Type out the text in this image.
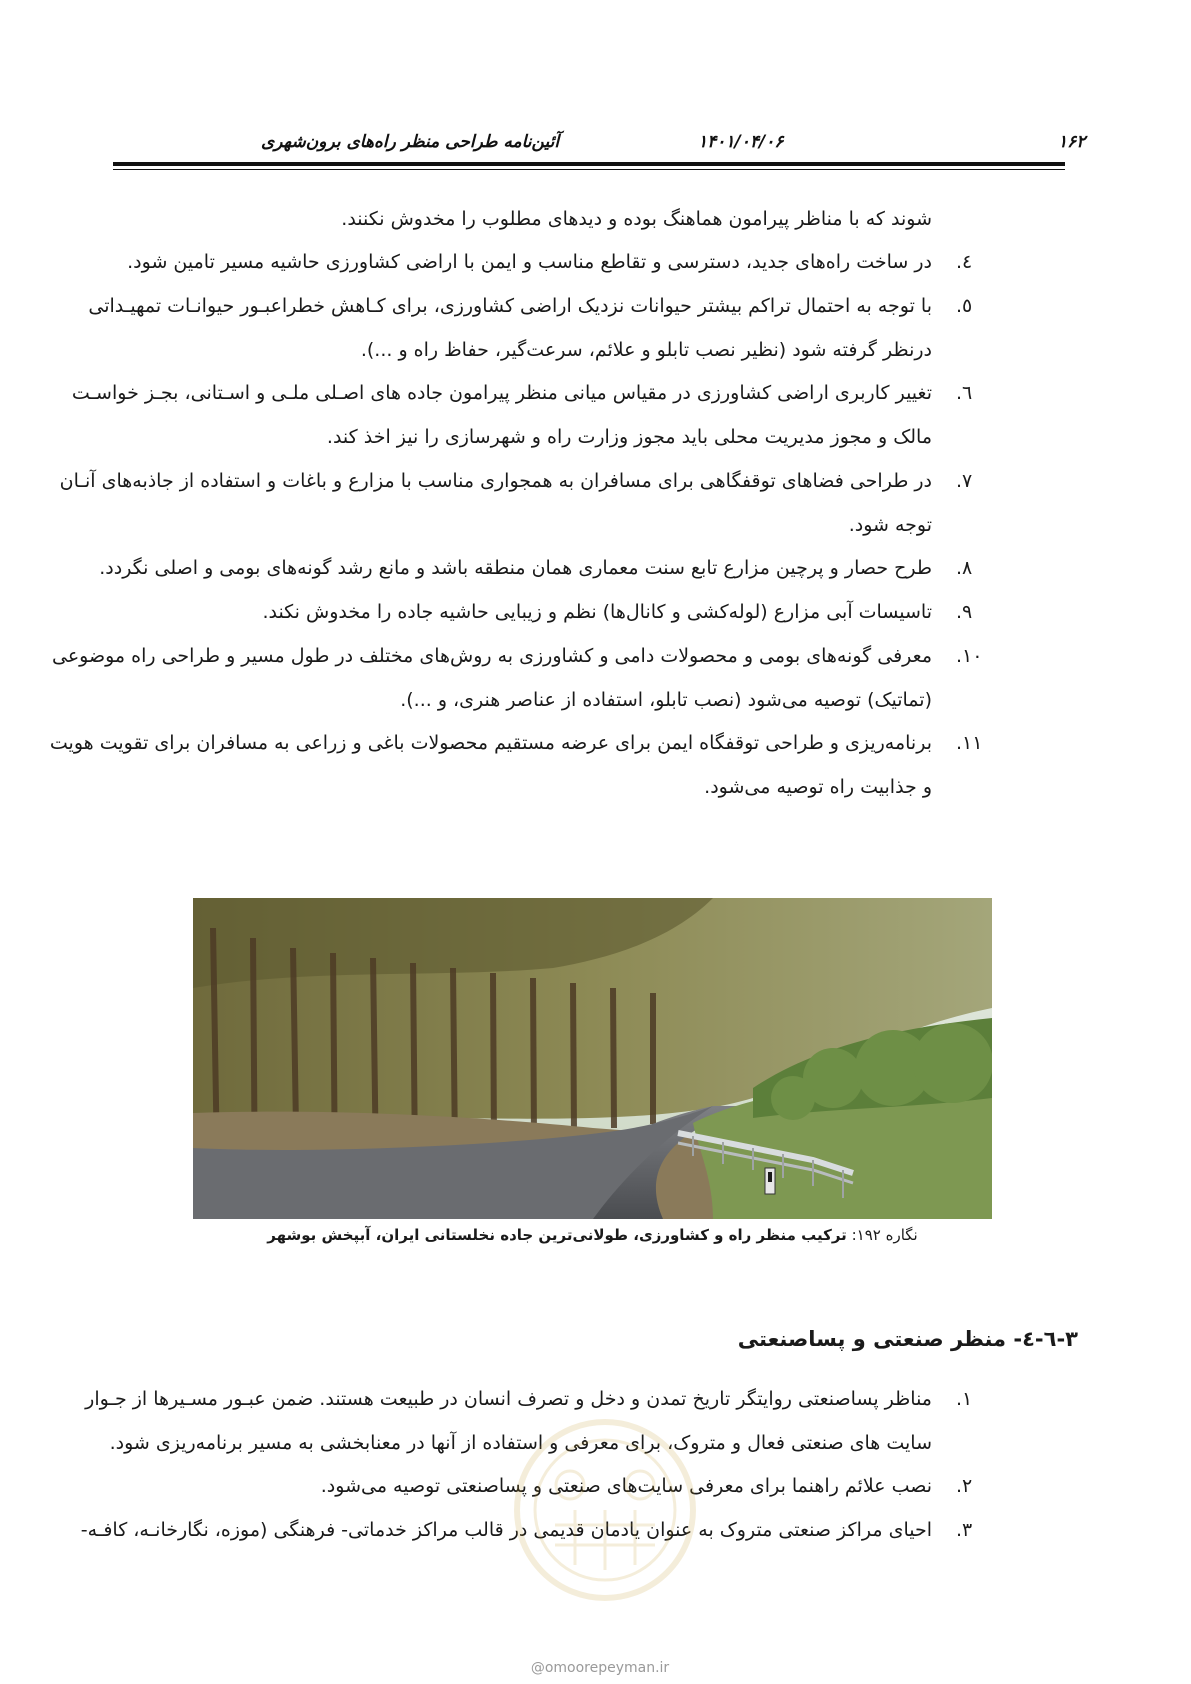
۱۶۲
۱۴۰۱/۰۴/۰۶
آئین‌نامه طراحی منظر راه‌های برون‌شهری
شوند که با مناظر پیرامون هماهنگ بوده و دیدهای مطلوب را مخدوش نکنند.
٤.
در ساخت راه‌های جدید، دسترسی و تقاطع مناسب و ایمن با اراضی کشاورزی حاشیه مسیر تامین شود.
٥.
با توجه به احتمال تراکم بیشتر حیوانات نزدیک اراضی کشاورزی، برای کـاهش خطراعبـور حیوانـات تمهیـداتی
درنظر گرفته شود (نظیر نصب تابلو و علائم، سرعت‌گیر، حفاظ راه و ...).
٦.
تغییر کاربری اراضی کشاورزی در مقیاس میانی منظر پیرامون جاده های اصـلی ملـی و اسـتانی، بجـز خواسـت
مالک و مجوز مدیریت محلی باید مجوز وزارت راه و شهرسازی را نیز اخذ کند.
٧.
در طراحی فضاهای توقفگاهی برای مسافران به همجواری مناسب با مزارع و باغات و استفاده از جاذبه‌های آنـان
توجه شود.
٨.
طرح حصار و پرچین مزارع تابع سنت معماری همان منطقه باشد و مانع رشد گونه‌های بومی و اصلی نگردد.
٩.
تاسیسات آبی مزارع (لوله‌کشی و کانال‌ها) نظم و زیبایی حاشیه جاده را مخدوش نکند.
١٠.
معرفی گونه‌های بومی و محصولات دامی و کشاورزی به روش‌های مختلف در طول مسیر و طراحی راه موضوعی
(تماتیک) توصیه می‌شود (نصب تابلو، استفاده از عناصر هنری، و ...).
١١.
برنامه‌ریزی و طراحی توقفگاه ایمن برای عرضه مستقیم محصولات باغی و زراعی به مسافران برای تقویت هویت
و جذابیت راه توصیه می‌شود.
نگاره ۱۹۲: ترکیب منظر راه و کشاورزی، طولانی‌ترین جاده نخلستانی ایران، آبپخش بوشهر
۳-٦-٤- منظر صنعتی و پساصنعتی
١.
مناظر پساصنعتی روایتگر تاریخ تمدن و دخل و تصرف انسان در طبیعت هستند. ضمن عبـور مسـیرها از جـوار
سایت های صنعتی فعال و متروک، برای معرفی و استفاده از آنها در معنابخشی به مسیر برنامه‌ریزی شود.
٢.
نصب علائم راهنما برای معرفی سایت‌های صنعتی و پساصنعتی توصیه می‌شود.
٣.
احیای مراکز صنعتی متروک به عنوان یادمان قدیمی در قالب مراکز خدماتی- فرهنگی (موزه، نگارخانـه، کافـه-
@omoorepeyman.ir
